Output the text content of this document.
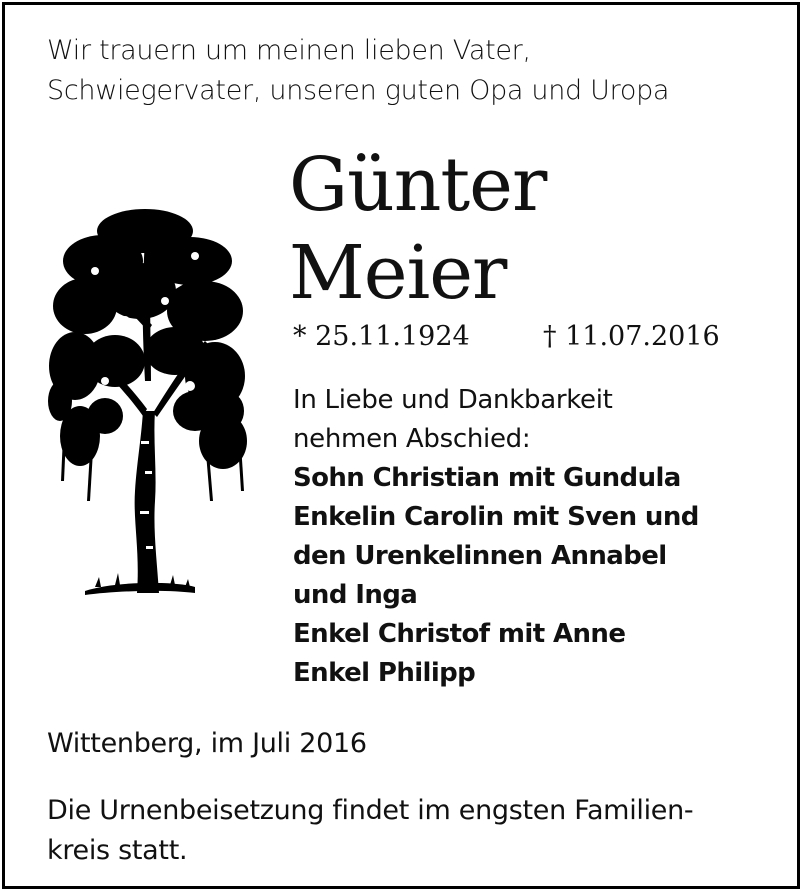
Wir trauern um meinen lieben Vater,
Schwiegervater, unseren guten Opa und Uropa
Günter
Meier
* 25.11.1924	† 11.07.2016
In Liebe und Dankbarkeit
nehmen Abschied:
Sohn Christian mit Gundula
Enkelin Carolin mit Sven und
den Urenkelinnen Annabel
und Inga
Enkel Christof mit Anne
Enkel Philipp
Wittenberg, im Juli 2016
Die Urnenbeisetzung findet im engsten Familien-
kreis statt.
